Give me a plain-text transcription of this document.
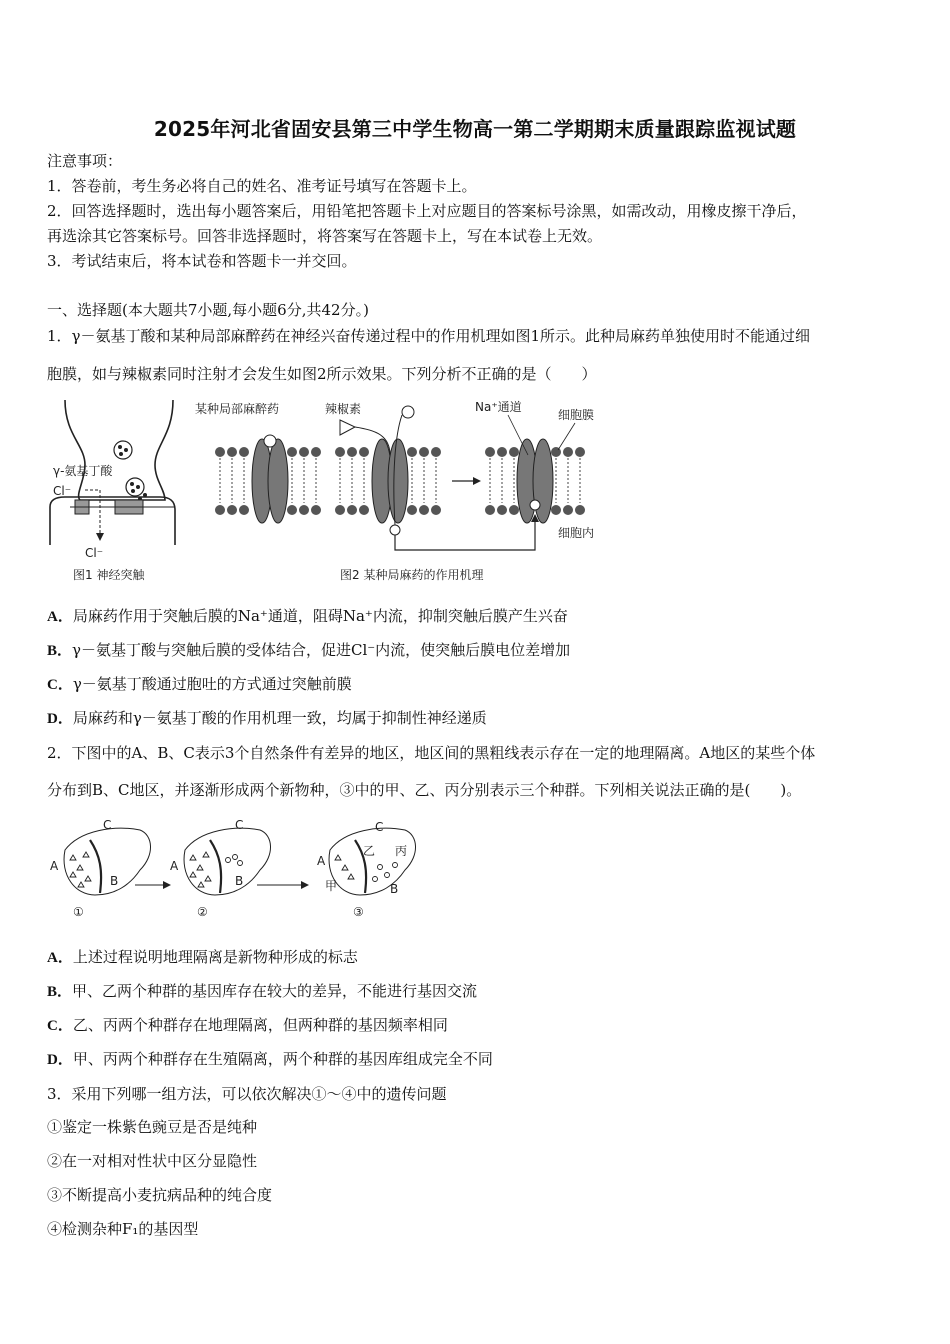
2025年河北省固安县第三中学生物高一第二学期期末质量跟踪监视试题
注意事项：
1．答卷前，考生务必将自己的姓名、准考证号填写在答题卡上。
2．回答选择题时，选出每小题答案后，用铅笔把答题卡上对应题目的答案标号涂黑，如需改动，用橡皮擦干净后，
再选涂其它答案标号。回答非选择题时，将答案写在答题卡上，写在本试卷上无效。
3．考试结束后，将本试卷和答题卡一并交回。
一、选择题(本大题共7小题,每小题6分,共42分。)
1．γ－氨基丁酸和某种局部麻醉药在神经兴奋传递过程中的作用机理如图1所示。此种局麻药单独使用时不能通过细
胞膜，如与辣椒素同时注射才会发生如图2所示效果。下列分析不正确的是（　　）
γ-氨基丁酸
Cl⁻
Cl⁻
图1 神经突触
某种局部麻醉药	辣椒素	Na⁺通道
细胞膜
细胞内
图2 某种局麻药的作用机理
A．局麻药作用于突触后膜的Na⁺通道，阻碍Na⁺内流，抑制突触后膜产生兴奋
B．γ－氨基丁酸与突触后膜的受体结合，促进Cl⁻内流，使突触后膜电位差增加
C．γ－氨基丁酸通过胞吐的方式通过突触前膜
D．局麻药和γ－氨基丁酸的作用机理一致，均属于抑制性神经递质
2．下图中的A、B、C表示3个自然条件有差异的地区，地区间的黑粗线表示存在一定的地理隔离。A地区的某些个体
分布到B、C地区，并逐渐形成两个新物种，③中的甲、乙、丙分别表示三个种群。下列相关说法正确的是(　　)。
A
B
C
①
A
B
C
②
A
B
C
甲
乙 丙
③
A．上述过程说明地理隔离是新物种形成的标志
B．甲、乙两个种群的基因库存在较大的差异，不能进行基因交流
C．乙、丙两个种群存在地理隔离，但两种群的基因频率相同
D．甲、丙两个种群存在生殖隔离，两个种群的基因库组成完全不同
3．采用下列哪一组方法，可以依次解决①～④中的遗传问题
①鉴定一株紫色豌豆是否是纯种
②在一对相对性状中区分显隐性
③不断提高小麦抗病品种的纯合度
④检测杂种F₁的基因型
